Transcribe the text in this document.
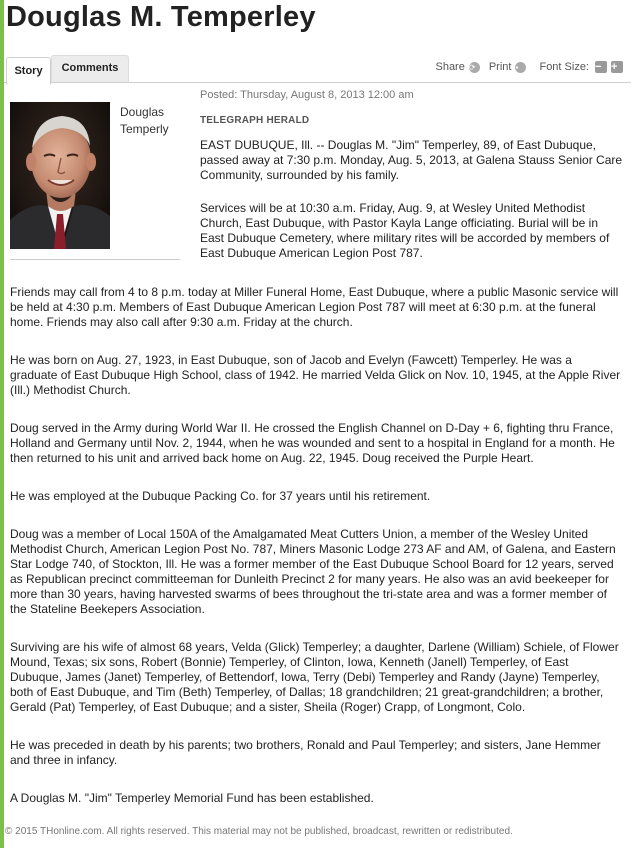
Douglas M. Temperley
Story	Comments	Share ⟳	Print ▪	Font Size: − +
Douglas Temperly
Posted: Thursday, August 8, 2013 12:00 am
TELEGRAPH HERALD

EAST DUBUQUE, Ill. -- Douglas M. "Jim" Temperley, 89, of East Dubuque, passed away at 7:30 p.m. Monday, Aug. 5, 2013, at Galena Stauss Senior Care Community, surrounded by his family.

Services will be at 10:30 a.m. Friday, Aug. 9, at Wesley United Methodist Church, East Dubuque, with Pastor Kayla Lange officiating. Burial will be in East Dubuque Cemetery, where military rites will be accorded by members of East Dubuque American Legion Post 787.

Friends may call from 4 to 8 p.m. today at Miller Funeral Home, East Dubuque, where a public Masonic service will be held at 4:30 p.m. Members of East Dubuque American Legion Post 787 will meet at 6:30 p.m. at the funeral home. Friends may also call after 9:30 a.m. Friday at the church.

He was born on Aug. 27, 1923, in East Dubuque, son of Jacob and Evelyn (Fawcett) Temperley. He was a graduate of East Dubuque High School, class of 1942. He married Velda Glick on Nov. 10, 1945, at the Apple River (Ill.) Methodist Church.

Doug served in the Army during World War II. He crossed the English Channel on D-Day + 6, fighting thru France, Holland and Germany until Nov. 2, 1944, when he was wounded and sent to a hospital in England for a month. He then returned to his unit and arrived back home on Aug. 22, 1945. Doug received the Purple Heart.

He was employed at the Dubuque Packing Co. for 37 years until his retirement.

Doug was a member of Local 150A of the Amalgamated Meat Cutters Union, a member of the Wesley United Methodist Church, American Legion Post No. 787, Miners Masonic Lodge 273 AF and AM, of Galena, and Eastern Star Lodge 740, of Stockton, Ill. He was a former member of the East Dubuque School Board for 12 years, served as Republican precinct committeeman for Dunleith Precinct 2 for many years. He also was an avid beekeeper for more than 30 years, having harvested swarms of bees throughout the tri-state area and was a former member of the Stateline Beekepers Association.

Surviving are his wife of almost 68 years, Velda (Glick) Temperley; a daughter, Darlene (William) Schiele, of Flower Mound, Texas; six sons, Robert (Bonnie) Temperley, of Clinton, Iowa, Kenneth (Janell) Temperley, of East Dubuque, James (Janet) Temperley, of Bettendorf, Iowa, Terry (Debi) Temperley and Randy (Jayne) Temperley, both of East Dubuque, and Tim (Beth) Temperley, of Dallas; 18 grandchildren; 21 great-grandchildren; a brother, Gerald (Pat) Temperley, of East Dubuque; and a sister, Sheila (Roger) Crapp, of Longmont, Colo.

He was preceded in death by his parents; two brothers, Ronald and Paul Temperley; and sisters, Jane Hemmer and three in infancy.

A Douglas M. "Jim" Temperley Memorial Fund has been established.

© 2015 THonline.com. All rights reserved. This material may not be published, broadcast, rewritten or redistributed.
